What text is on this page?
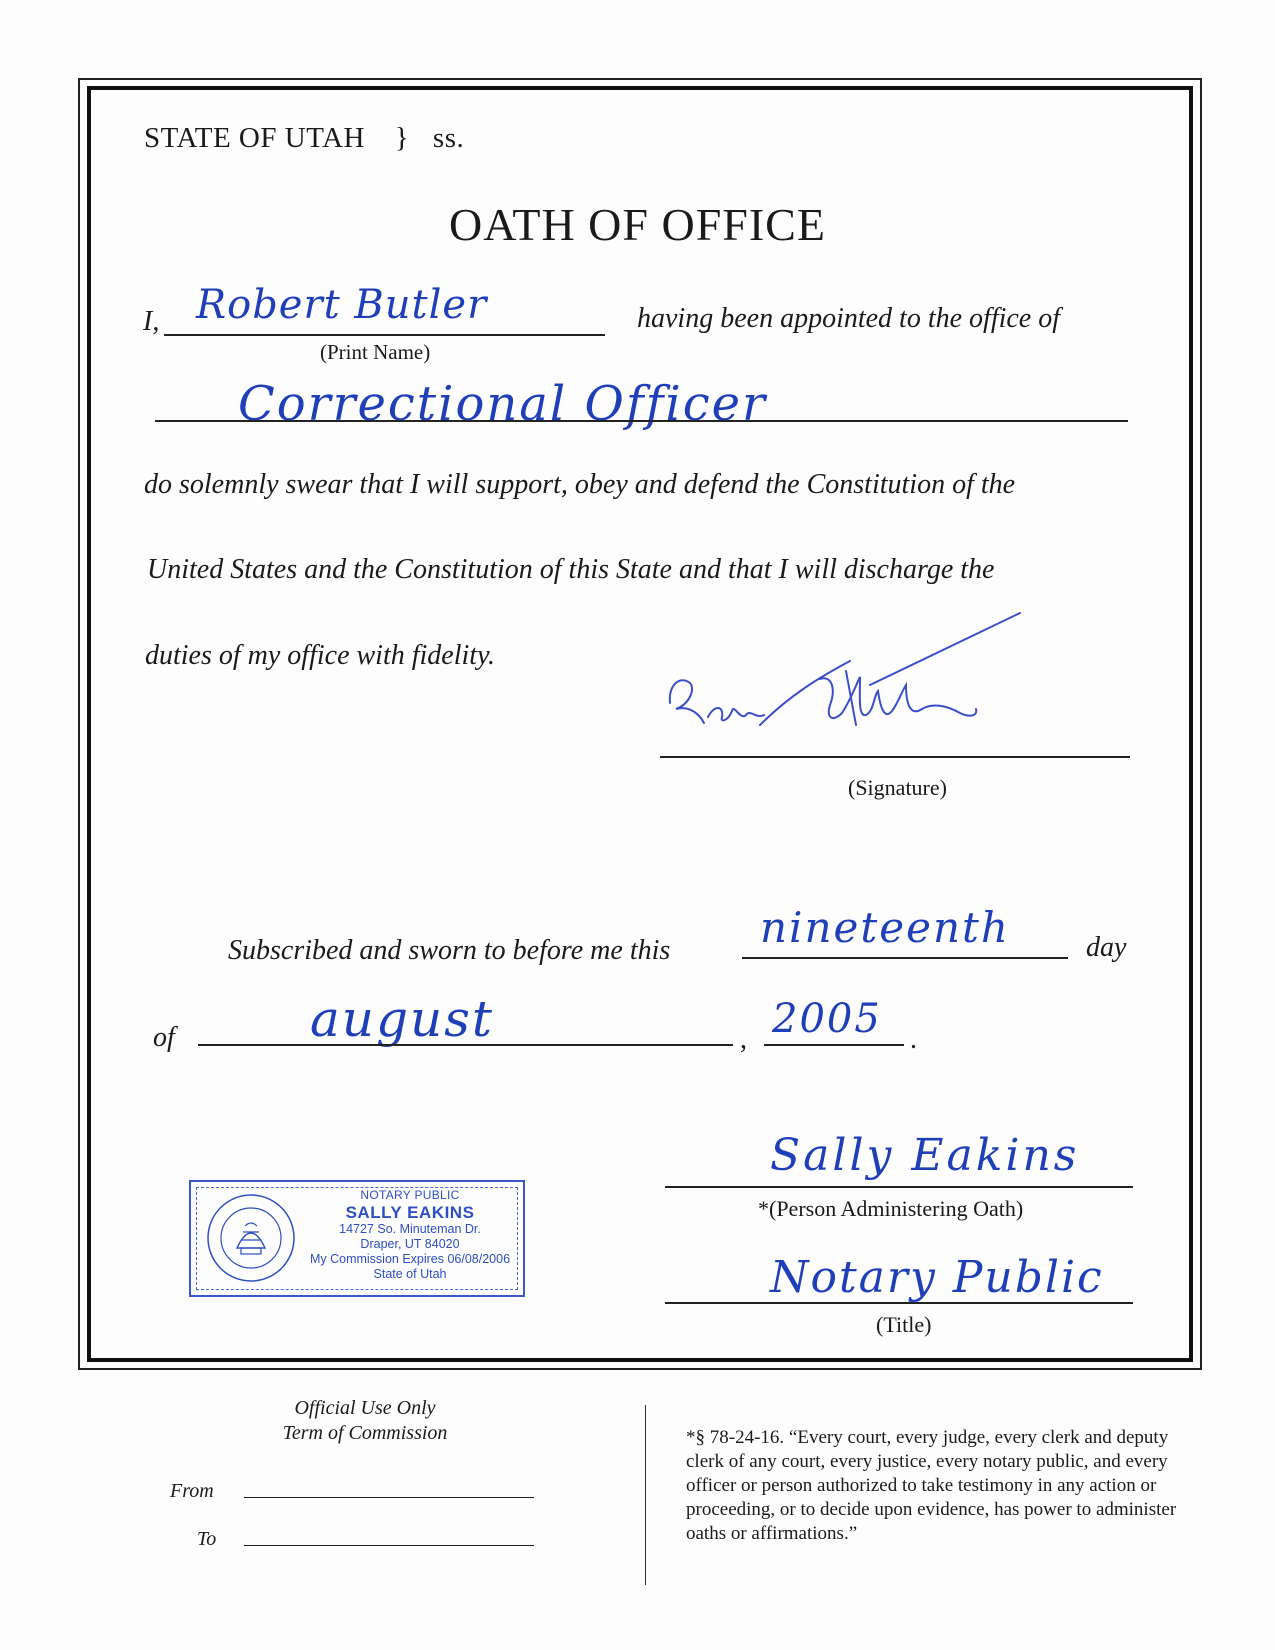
STATE OF UTAH } ss.
OATH OF OFFICE
I, Robert Butler
(Print Name)
having been appointed to the office of
Correctional Officer
do solemnly swear that I will support, obey and defend the Constitution of the
United States and the Constitution of this State and that I will discharge the
duties of my office with fidelity.
(Signature)
Subscribed and sworn to before me this nineteenth	day
of	august	, 2005 .
Sally Eakins
*(Person Administering Oath)
Notary Public
(Title)
NOTARY PUBLIC
SALLY EAKINS
14727 So. Minuteman Dr.
Draper, UT 84020
My Commission Expires 06/08/2006
State of Utah
Official Use Only
Term of Commission
From
To
*§ 78-24-16. “Every court, every judge, every clerk and deputy clerk of any court, every justice, every notary public, and every officer or person authorized to take testimony in any action or proceeding, or to decide upon evidence, has power to administer oaths or affirmations.”
